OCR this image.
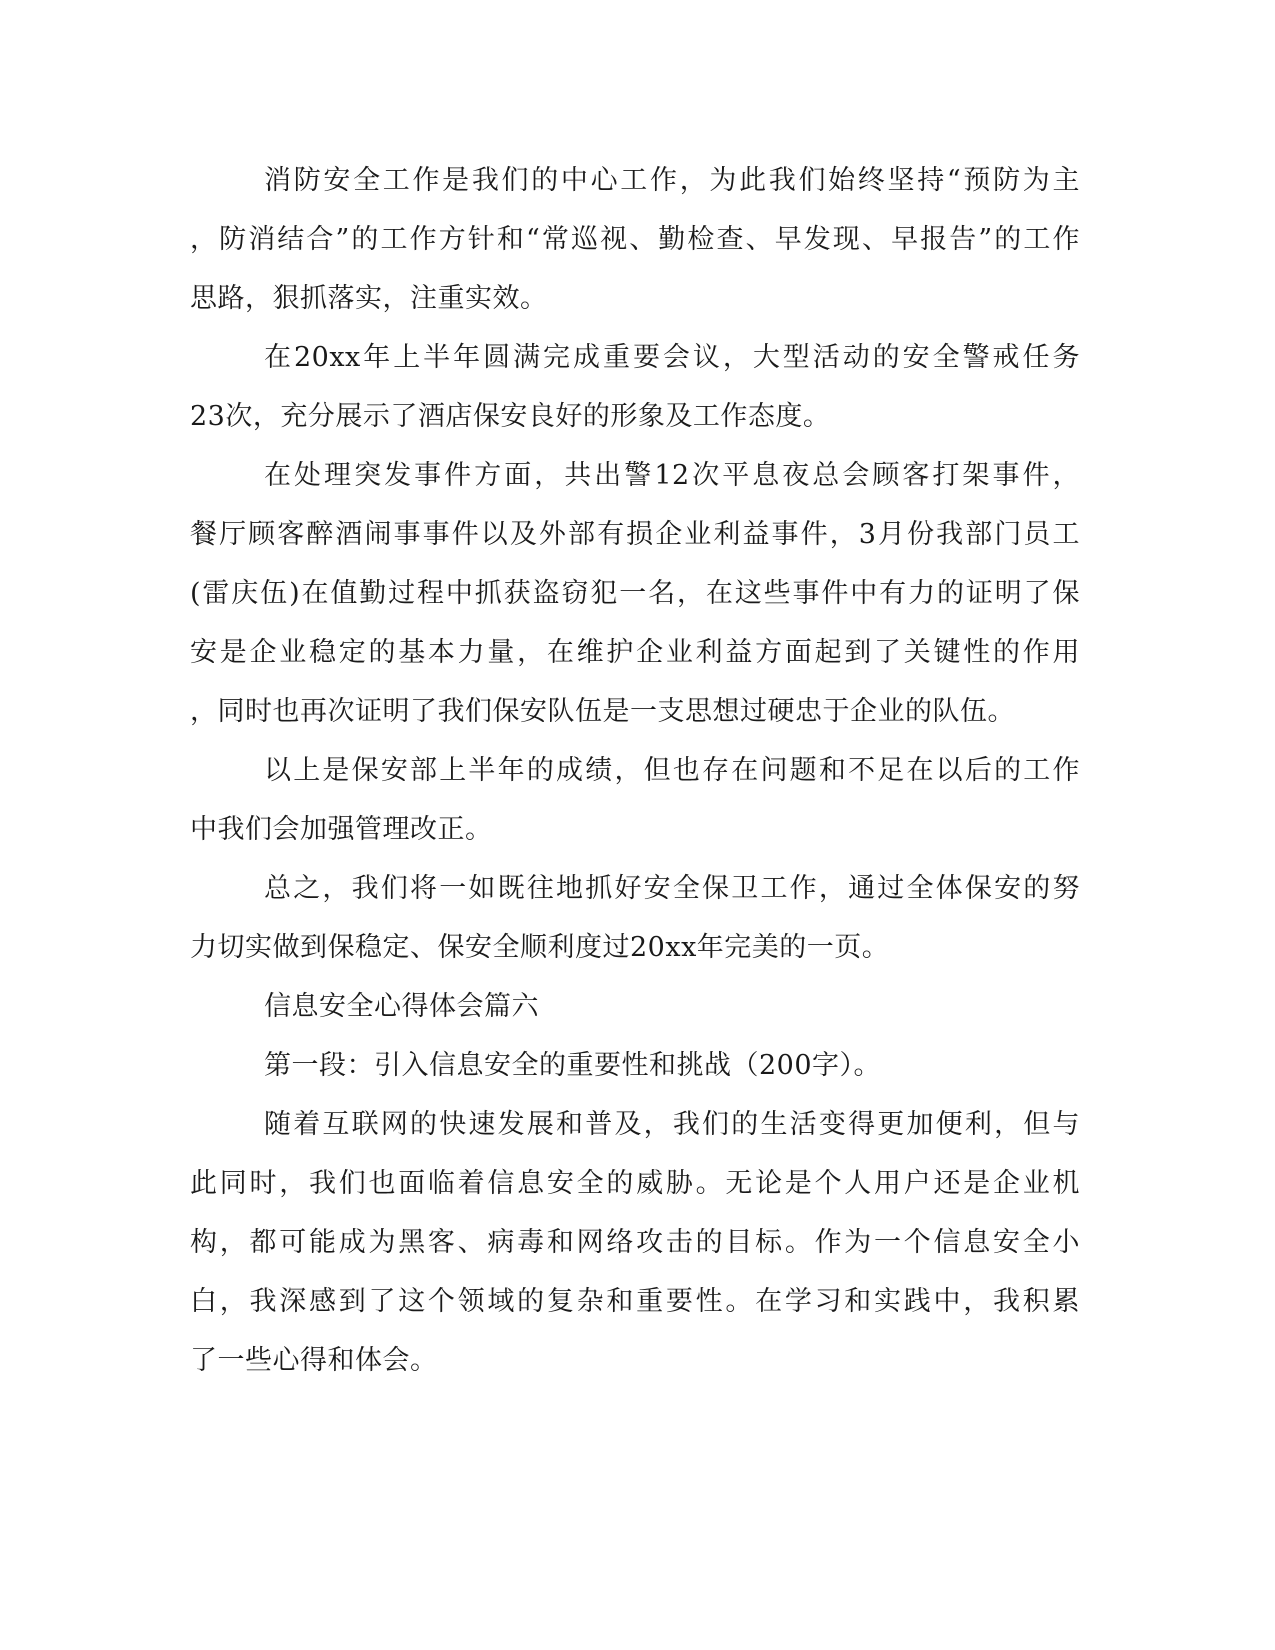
消防安全工作是我们的中心工作，为此我们始终坚持“预防为主
，防消结合”的工作方针和“常巡视、勤检查、早发现、早报告”的工作
思路，狠抓落实，注重实效。
在20xx年上半年圆满完成重要会议，大型活动的安全警戒任务
23次，充分展示了酒店保安良好的形象及工作态度。
在处理突发事件方面，共出警12次平息夜总会顾客打架事件，
餐厅顾客醉酒闹事事件以及外部有损企业利益事件，3月份我部门员工
(雷庆伍)在值勤过程中抓获盗窃犯一名，在这些事件中有力的证明了保
安是企业稳定的基本力量，在维护企业利益方面起到了关键性的作用
，同时也再次证明了我们保安队伍是一支思想过硬忠于企业的队伍。
以上是保安部上半年的成绩，但也存在问题和不足在以后的工作
中我们会加强管理改正。
总之，我们将一如既往地抓好安全保卫工作，通过全体保安的努
力切实做到保稳定、保安全顺利度过20xx年完美的一页。
信息安全心得体会篇六
第一段：引入信息安全的重要性和挑战（200字）。
随着互联网的快速发展和普及，我们的生活变得更加便利，但与
此同时，我们也面临着信息安全的威胁。无论是个人用户还是企业机
构，都可能成为黑客、病毒和网络攻击的目标。作为一个信息安全小
白，我深感到了这个领域的复杂和重要性。在学习和实践中，我积累
了一些心得和体会。
